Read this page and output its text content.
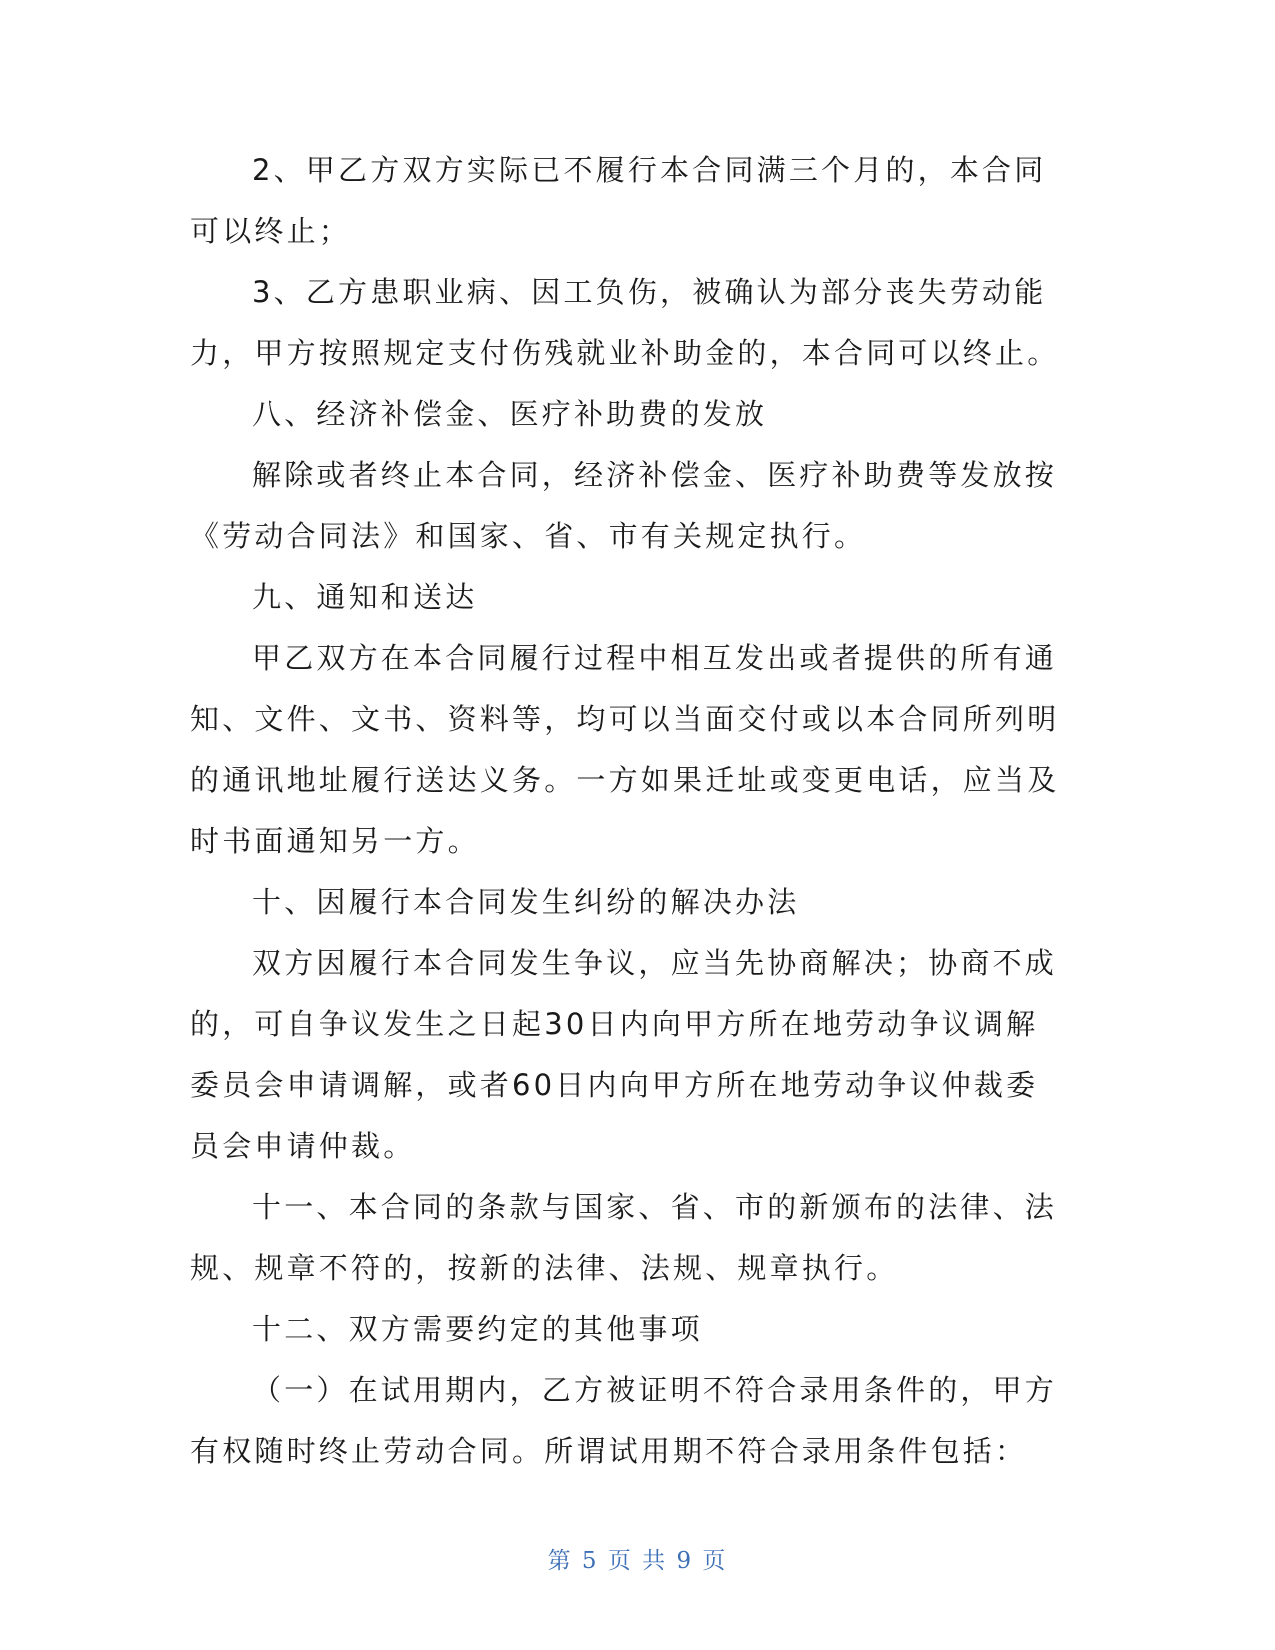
2、甲乙方双方实际已不履行本合同满三个月的，本合同可以终止；

3、乙方患职业病、因工负伤，被确认为部分丧失劳动能力，甲方按照规定支付伤残就业补助金的，本合同可以终止。

八、经济补偿金、医疗补助费的发放

解除或者终止本合同，经济补偿金、医疗补助费等发放按《劳动合同法》和国家、省、市有关规定执行。

九、通知和送达

甲乙双方在本合同履行过程中相互发出或者提供的所有通知、文件、文书、资料等，均可以当面交付或以本合同所列明的通讯地址履行送达义务。一方如果迁址或变更电话，应当及时书面通知另一方。

十、因履行本合同发生纠纷的解决办法

双方因履行本合同发生争议，应当先协商解决；协商不成的，可自争议发生之日起30日内向甲方所在地劳动争议调解委员会申请调解，或者60日内向甲方所在地劳动争议仲裁委员会申请仲裁。

十一、本合同的条款与国家、省、市的新颁布的法律、法规、规章不符的，按新的法律、法规、规章执行。

十二、双方需要约定的其他事项

（一）在试用期内，乙方被证明不符合录用条件的，甲方有权随时终止劳动合同。所谓试用期不符合录用条件包括：

第 5 页 共 9 页
